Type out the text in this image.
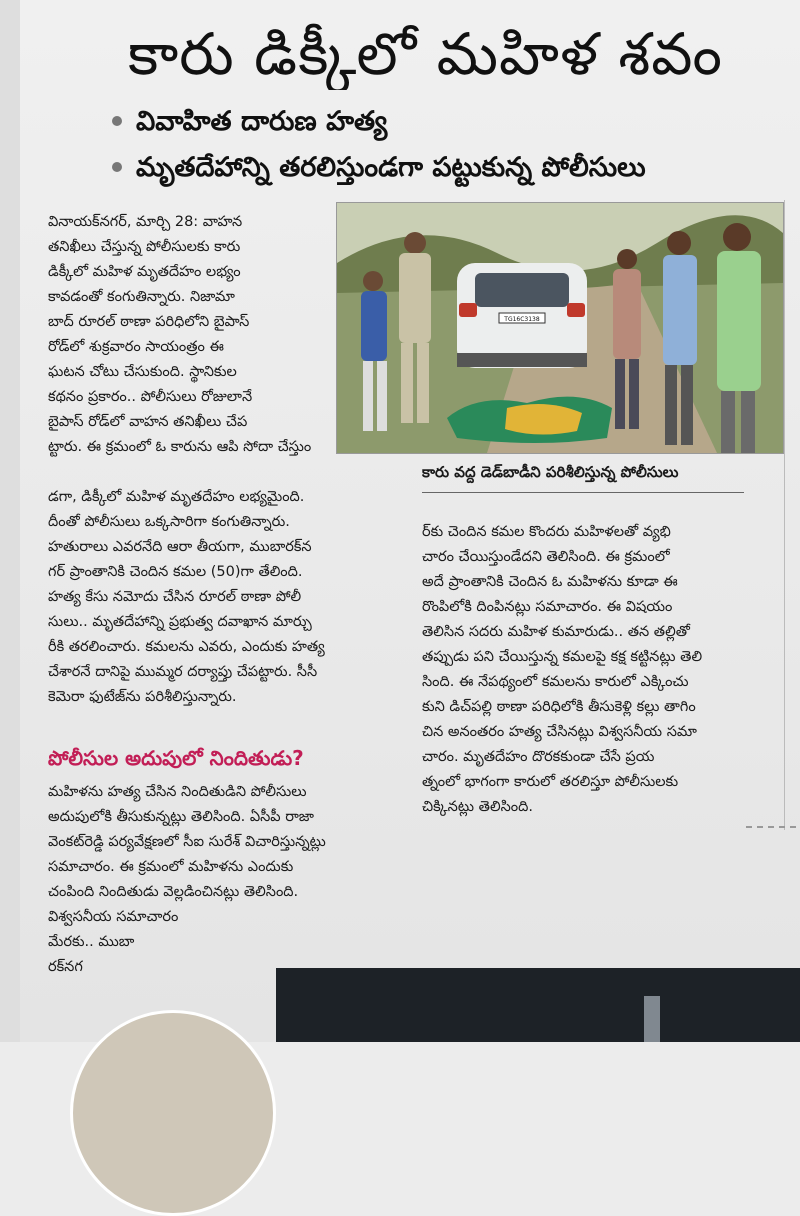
కారు డిక్కీలో మహిళ శవం
వివాహిత దారుణ హత్య
మృతదేహాన్ని తరలిస్తుండగా పట్టుకున్న పోలీసులు
TG16C3138
కారు వద్ద డెడ్‌బాడీని పరిశీలిస్తున్న పోలీసులు

వినాయక్‌నగర్, మార్చి 28: వాహన

తనిఖీలు చేస్తున్న పోలీసులకు కారు

డిక్కీలో మహిళ మృతదేహం లభ్యం

కావడంతో కంగుతిన్నారు. నిజామా

బాద్ రూరల్ ఠాణా పరిధిలోని బైపాస్

రోడ్‌లో శుక్రవారం సాయంత్రం ఈ

ఘటన చోటు చేసుకుంది. స్థానికుల

కథనం ప్రకారం.. పోలీసులు రోజులానే

బైపాస్ రోడ్‌లో వాహన తనిఖీలు చేప

ట్టారు. ఈ క్రమంలో ఓ కారును ఆపి సోదా చేస్తుం

డగా, డిక్కీలో మహిళ మృతదేహం లభ్యమైంది.

దీంతో పోలీసులు ఒక్కసారిగా కంగుతిన్నారు.

హతురాలు ఎవరనేది ఆరా తీయగా, ముబారక్‌న

గర్ ప్రాంతానికి చెందిన కమల (50)గా తేలింది.

హత్య కేసు నమోదు చేసిన రూరల్ ఠాణా పోలీ

సులు.. మృతదేహాన్ని ప్రభుత్వ దవాఖాన మార్చు

రీకి తరలించారు. కమలను ఎవరు, ఎందుకు హత్య

చేశారనే దానిపై ముమ్మర దర్యాప్తు చేపట్టారు. సీసీ

కెమెరా ఫుటేజ్‌ను పరిశీలిస్తున్నారు.

పోలీసుల అదుపులో నిందితుడు?

మహిళను హత్య చేసిన నిందితుడిని పోలీసులు

అదుపులోకి తీసుకున్నట్లు తెలిసింది. ఏసీపీ రాజా

వెంకట్‌రెడ్డి పర్యవేక్షణలో సీఐ సురేశ్ విచారిస్తున్నట్లు

సమాచారం. ఈ క్రమంలో మహిళను ఎందుకు

చంపింది నిందితుడు వెల్లడించినట్లు తెలిసింది.

విశ్వసనీయ సమాచారం

మేరకు.. ముబా

రక్‌నగ

ర్‌కు చెందిన కమల కొందరు మహిళలతో వ్యభి

చారం చేయిస్తుండేదని తెలిసింది. ఈ క్రమంలో

అదే ప్రాంతానికి చెందిన ఓ మహిళను కూడా ఈ

రొంపిలోకి దింపినట్లు సమాచారం. ఈ విషయం

తెలిసిన సదరు మహిళ కుమారుడు.. తన తల్లితో

తప్పుడు పని చేయిస్తున్న కమలపై కక్ష కట్టినట్లు తెలి

సింది. ఈ నేపథ్యంలో కమలను కారులో ఎక్కించు

కుని డిచ్‌పల్లి ఠాణా పరిధిలోకి తీసుకెళ్లి కల్లు తాగిం

చిన అనంతరం హత్య చేసినట్లు విశ్వసనీయ సమా

చారం. మృతదేహం దొరకకుండా చేసే ప్రయ

త్నంలో భాగంగా కారులో తరలిస్తూ పోలీసులకు

చిక్కినట్లు తెలిసింది.
